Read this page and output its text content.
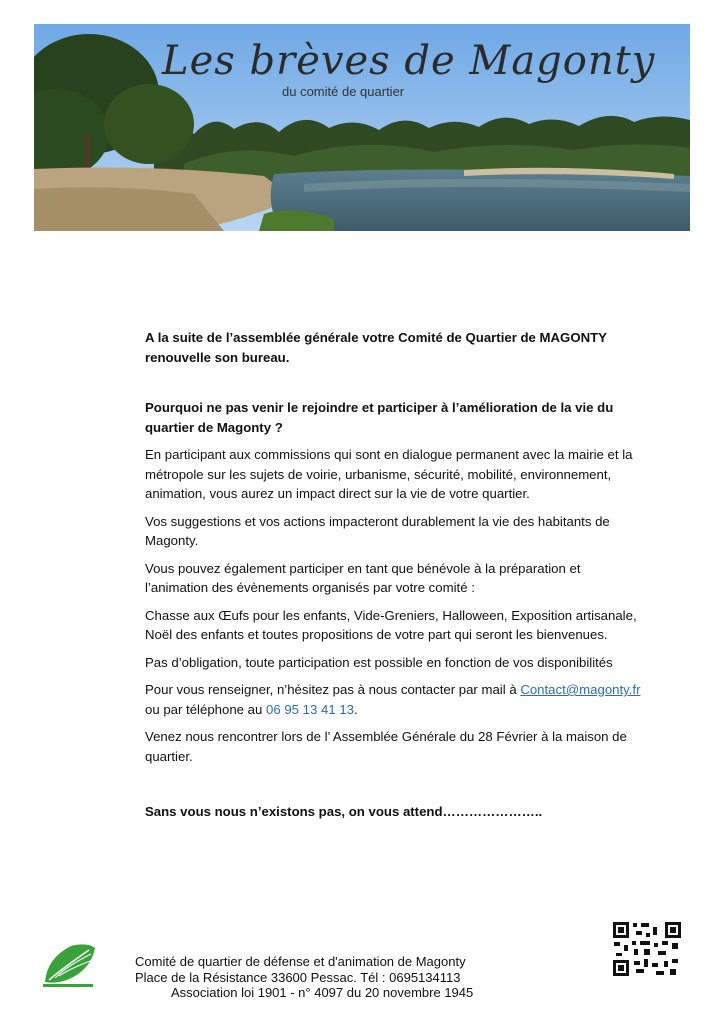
Les brèves de Magonty
du comité de quartier

A la suite de l’assemblée générale votre Comité de Quartier de MAGONTY renouvelle son bureau.

Pourquoi ne pas venir le rejoindre et participer à l’amélioration de la vie du quartier de Magonty ?

En participant aux commissions qui sont en dialogue permanent avec la mairie et la métropole sur les sujets de voirie, urbanisme, sécurité, mobilité, environnement, animation, vous aurez un impact direct sur la vie de votre quartier.

Vos suggestions et vos actions impacteront durablement la vie des habitants de Magonty.

Vous pouvez également participer en tant que bénévole à la préparation et l’animation des évènements organisés par votre comité :

Chasse aux Œufs pour les enfants, Vide-Greniers, Halloween, Exposition artisanale, Noël des enfants et toutes propositions de votre part qui seront les bienvenues.

Pas d’obligation, toute participation est possible en fonction de vos disponibilités

Pour vous renseigner, n’hésitez pas à nous contacter par mail à Contact@magonty.fr
ou par téléphone au 06 95 13 41 13.

Venez nous rencontrer lors de l’ Assemblée Générale du 28 Février à la maison de quartier.

Sans vous nous n’existons pas, on vous attend…………………..

Comité de quartier de défense et d'animation de Magonty
Place de la Résistance 33600 Pessac. Tél : 0695134113
Association loi 1901 - n° 4097 du 20 novembre 1945
